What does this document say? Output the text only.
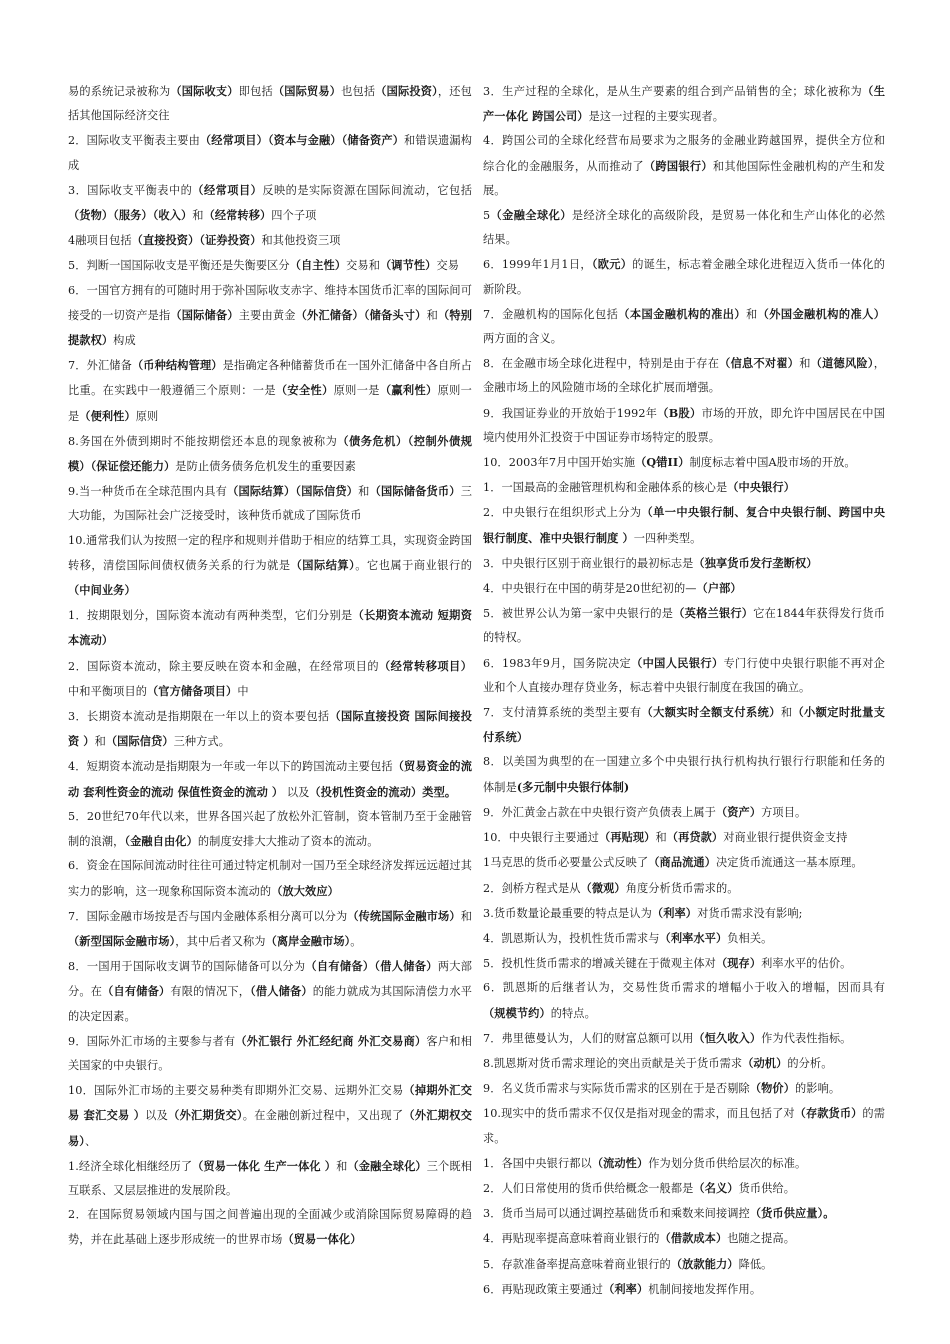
易的系统记录被称为（国际收支）即包括（国际贸易）也包括（国际投资），还包括其他国际经济交往

2．国际收支平衡表主要由（经常项目）（资本与金融）（储备资产）和错误遗漏构成

3．国际收支平衡表中的（经常项目）反映的是实际资源在国际间流动，它包括（货物）（服务）（收入）和（经常转移）四个子项

4融项目包括（直接投资）（证券投资）和其他投资三项

5．判断一国国际收支是平衡还是失衡要区分（自主性）交易和（调节性）交易

6．一国官方拥有的可随时用于弥补国际收支赤字、维持本国货币汇率的国际间可接受的一切资产是指（国际储备）主要由黄金（外汇储备）（储备头寸）和（特别提款权）构成

7．外汇储备（币种结构管理）是指确定各种储蓄货币在一国外汇储备中各自所占比重。在实践中一般遵循三个原则：一是（安全性）原则一是（赢利性）原则一是（便利性）原则

8.务国在外债到期时不能按期偿还本息的现象被称为（债务危机）（控制外债规模）（保证偿还能力）是防止债务债务危机发生的重要因素

9.当一种货币在全球范围内具有（国际结算）（国际信贷）和（国际储备货币）三大功能，为国际社会广泛接受时，该种货币就成了国际货币

10.通常我们认为按照一定的程序和规则并借助于相应的结算工具，实现资金跨国转移，清偿国际间债权债务关系的行为就是（国际结算）。它也属于商业银行的（中间业务）

1．按期限划分，国际资本流动有两种类型，它们分别是（长期资本流动 短期资本流动）

2．国际资本流动，除主要反映在资本和金融，在经常项目的（经常转移项目） 中和平衡项目的（官方储备项目）中

3．长期资本流动是指期限在一年以上的资本要包括（国际直接投资 国际间接投资 ）和（国际信贷）三种方式。

4．短期资本流动是指期限为一年或一年以下的跨国流动主要包括（贸易资金的流动 套利性资金的流动 保值性资金的流动 ） 以及（投机性资金的流动）类型。

5．20世纪70年代以来，世界各国兴起了放松外汇管制，资本管制乃至于金融管制的浪潮，（金融自由化）的制度安排大大推动了资本的流动。

6．资金在国际间流动时往往可通过特定机制对一国乃至全球经济发挥远远超过其实力的影响，这一现象称国际资本流动的（放大效应）

7．国际金融市场按是否与国内金融体系相分离可以分为（传统国际金融市场）和（新型国际金融市场），其中后者又称为（离岸金融市场）。

8．一国用于国际收支调节的国际储备可以分为（自有储备）（借人储备）两大部分。在（自有储备）有限的情况下，（借人储备）的能力就成为其国际清偿力水平的决定因素。

9．国际外汇市场的主要参与者有（外汇银行 外汇经纪商 外汇交易商）客户和相关国家的中央银行。

10．国际外汇市场的主要交易种类有即期外汇交易、远期外汇交易（掉期外汇交易 套汇交易 ）以及（外汇期货交）。在金融创新过程中，又出现了（外汇期权交易）、

1.经济全球化相继经历了（贸易一体化 生产一体化 ）和（金融全球化）三个既相互联系、又层层推进的发展阶段。

2．在国际贸易领域内国与国之间普遍出现的全面减少或消除国际贸易障碍的趋势，并在此基础上逐步形成统一的世界市场（贸易一体化）

3．生产过程的全球化，是从生产要素的组合到产品销售的全；球化被称为（生产一体化 跨国公司）是这一过程的主要实现者。

4．跨国公司的全球化经营布局要求为之服务的金融业跨越国界，提供全方位和综合化的金融服务，从而推动了（跨国银行）和其他国际性金融机构的产生和发展。

5（金融全球化）是经济全球化的高级阶段，是贸易一体化和生产山体化的必然结果。

6．1999年1月1日，（欧元）的诞生，标志着金融全球化进程迈入货币一体化的新阶段。

7．金融机构的国际化包括（本国金融机构的准出）和（外国金融机构的准人）两方面的含义。

8．在金融市场全球化进程中，特别是由于存在（信息不对翟）和（道德风险），金融市场上的风险随市场的全球化扩展而增强。

9．我国证券业的开放始于1992年（B股）市场的开放，即允许中国居民在中国境内使用外汇投资于中国证券市场特定的股票。

10．2003年7月中国开始实施（Q错II）制度标志着中国A股市场的开放。

1．一国最高的金融管理机构和金融体系的核心是（中央银行）

2．中央银行在组织形式上分为（单一中央银行制、复合中央银行制、跨国中央银行制度、准中央银行制度 ）一四种类型。

3．中央银行区别于商业银行的最初标志是（独享货币发行垄断权）

4．中央银行在中国的萌芽是20世纪初的—（户部）

5．被世界公认为第一家中央银行的是（英格兰银行）它在1844年获得发行货币的特权。

6．1983年9月，国务院决定（中国人民银行）专门行使中央银行职能不再对企业和个人直接办理存贷业务，标志着中央银行制度在我国的确立。

7．支付清算系统的类型主要有（大额实时全额支付系统）和（小额定时批量支付系统）

8．以美国为典型的在一国建立多个中央银行执行机构执行银行行职能和任务的体制是(多元制中央银行体制)

9．外汇黄金占款在中央银行资产负债表上属于（资产）方项目。

10．中央银行主要通过（再贴现）和（再贷款）对商业银行提供资金支持

1马克思的货币必要量公式反映了（商品流通）决定货币流通这一基本原理。

2．剑桥方程式是从（微观）角度分析货币需求的。

3.货币数量论最重要的特点是认为（利率）对货币需求没有影响;

4．凯恩斯认为，投机性货币需求与（利率水平）负相关。

5．投机性货币需求的增减关键在于微观主体对（现存）利率水平的估价。

6．凯恩斯的后继者认为，交易性货币需求的增幅小于收入的增幅，因而具有（规模节约）的特点。

7．弗里德曼认为，人们的财富总额可以用（恒久收入）作为代表性指标。

8.凯恩斯对货币需求理论的突出贡献是关于货币需求（动机）的分析。

9．名义货币需求与实际货币需求的区别在于是否剔除（物价）的影响。

10.现实中的货币需求不仅仅是指对现金的需求，而且包括了对（存款货币）的需求。

1．各国中央银行都以（流动性）作为划分货币供给层次的标准。

2．人们日常使用的货币供给概念一般都是（名义）货币供给。

3．货币当局可以通过调控基础货币和乘数来间接调控（货币供应量）。

4．再贴现率提高意味着商业银行的（借款成本）也随之提高。

5．存款准备率提高意味着商业银行的（放款能力）降低。

6．再贴现政策主要通过（利率）机制间接地发挥作用。
